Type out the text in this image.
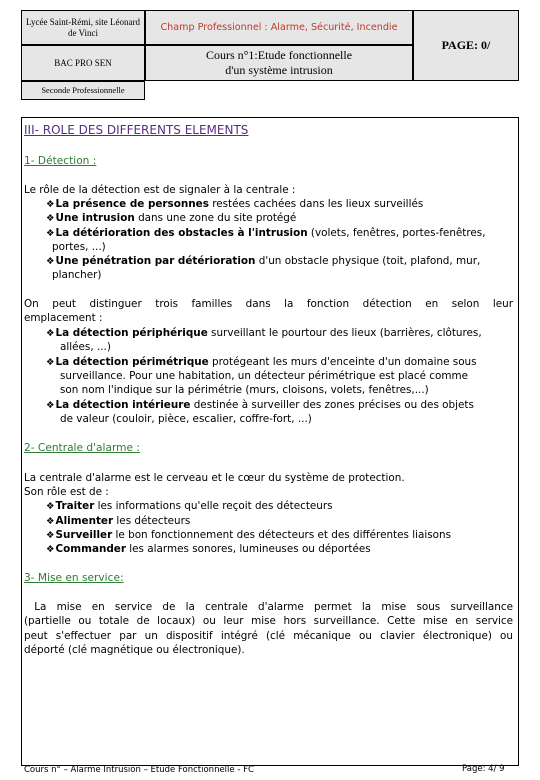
Lycée Saint-Rémi, site Léonard de Vinci
BAC PRO SEN
Seconde Professionnelle
Champ Professionnel : Alarme, Sécurité, Incendie
Cours n°1:Etude fonctionnelle d'un système intrusion
PAGE: 0/

III- ROLE DES DIFFERENTS ELEMENTS

1- Détection :

Le rôle de la détection est de signaler à la centrale :

❖ La présence de personnes restées cachées dans les lieux surveillés

❖ Une intrusion dans une zone du site protégé

❖ La détérioration des obstacles à l'intrusion (volets, fenêtres, portes-fenêtres,

portes, ...)

❖ Une pénétration par détérioration d'un obstacle physique (toit, plafond, mur,

plancher)

On peut distinguer trois familles dans la fonction détection en selon leur

emplacement :

❖ La détection périphérique surveillant le pourtour des lieux (barrières, clôtures,

allées, ...)

❖ La détection périmétrique protégeant les murs d'enceinte d'un domaine sous

surveillance. Pour une habitation, un détecteur périmétrique est placé comme

son nom l'indique sur la périmétrie (murs, cloisons, volets, fenêtres,...)

❖ La détection intérieure destinée à surveiller des zones précises ou des objets

de valeur (couloir, pièce, escalier, coffre-fort, ...)

2- Centrale d'alarme :

La centrale d'alarme est le cerveau et le cœur du système de protection.

Son rôle est de :

❖ Traiter les informations qu'elle reçoit des détecteurs

❖ Alimenter les détecteurs

❖ Surveiller le bon fonctionnement des détecteurs et des différentes liaisons

❖ Commander les alarmes sonores, lumineuses ou déportées

3- Mise en service:

La mise en service de la centrale d'alarme permet la mise sous surveillance

(partielle ou totale de locaux) ou leur mise hors surveillance. Cette mise en service

peut s'effectuer par un dispositif intégré (clé mécanique ou clavier électronique) ou

déporté (clé magnétique ou électronique).

Cours n° – Alarme Intrusion – Etude Fonctionnelle - FC	Page: 4/ 9
